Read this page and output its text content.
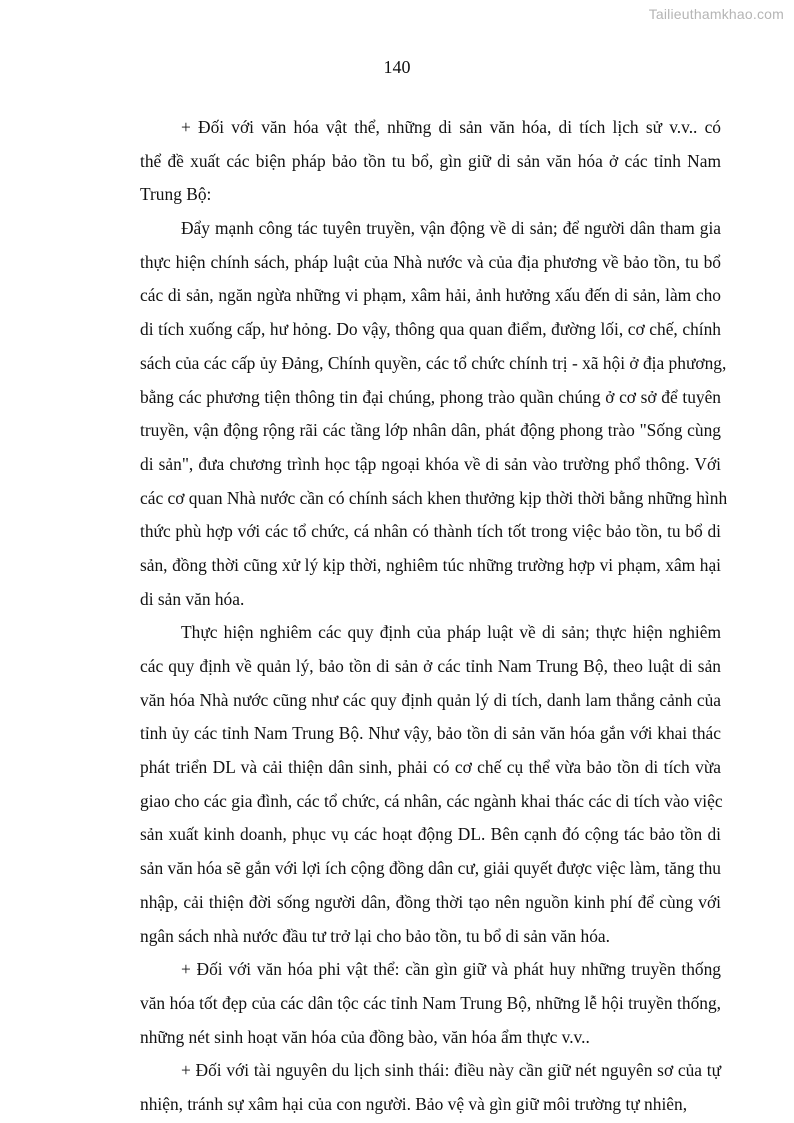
Tailieuthamkhao.com
140
+ Đối với văn hóa vật thể, những di sản văn hóa, di tích lịch sử v.v.. có
thể đề xuất các biện pháp bảo tồn tu bổ, gìn giữ di sản văn hóa ở các tỉnh Nam
Trung Bộ:
Đẩy mạnh công tác tuyên truyền, vận động về di sản; để người dân tham gia
thực hiện chính sách, pháp luật của Nhà nước và của địa phương về bảo tồn, tu bổ
các di sản, ngăn ngừa những vi phạm, xâm hải, ảnh hưởng xấu đến di sản, làm cho
di tích xuống cấp, hư hỏng. Do vậy, thông qua quan điểm, đường lối, cơ chế, chính
sách của các cấp ủy Đảng, Chính quyền, các tổ chức chính trị - xã hội ở địa phương,
bằng các phương tiện thông tin đại chúng, phong trào quần chúng ở cơ sở để tuyên
truyền, vận động rộng rãi các tầng lớp nhân dân, phát động phong trào "Sống cùng
di sản", đưa chương trình học tập ngoại khóa về di sản vào trường phổ thông. Với
các cơ quan Nhà nước cần có chính sách khen thưởng kịp thời thời bằng những hình
thức phù hợp với các tổ chức, cá nhân có thành tích tốt trong việc bảo tồn, tu bổ di
sản, đồng thời cũng xử lý kịp thời, nghiêm túc những trường hợp vi phạm, xâm hại
di sản văn hóa.
Thực hiện nghiêm các quy định của pháp luật về di sản; thực hiện nghiêm
các quy định về quản lý, bảo tồn di sản ở các tỉnh Nam Trung Bộ, theo luật di sản
văn hóa Nhà nước cũng như các quy định quản lý di tích, danh lam thắng cảnh của
tỉnh ủy các tỉnh Nam Trung Bộ. Như vậy, bảo tồn di sản văn hóa gắn với khai thác
phát triển DL và cải thiện dân sinh, phải có cơ chế cụ thể vừa bảo tồn di tích vừa
giao cho các gia đình, các tổ chức, cá nhân, các ngành khai thác các di tích vào việc
sản xuất kinh doanh, phục vụ các hoạt động DL. Bên cạnh đó cộng tác bảo tồn di
sản văn hóa sẽ gắn với lợi ích cộng đồng dân cư, giải quyết được việc làm, tăng thu
nhập, cải thiện đời sống người dân, đồng thời tạo nên nguồn kinh phí để cùng với
ngân sách nhà nước đầu tư trở lại cho bảo tồn, tu bổ di sản văn hóa.
+ Đối với văn hóa phi vật thể: cần gìn giữ và phát huy những truyền thống
văn hóa tốt đẹp của các dân tộc các tỉnh Nam Trung Bộ, những lễ hội truyền thống,
những nét sinh hoạt văn hóa của đồng bào, văn hóa ẩm thực v.v..
+ Đối với tài nguyên du lịch sinh thái: điều này cần giữ nét nguyên sơ của tự
nhiện, tránh sự xâm hại của con người. Bảo vệ và gìn giữ môi trường tự nhiên,
